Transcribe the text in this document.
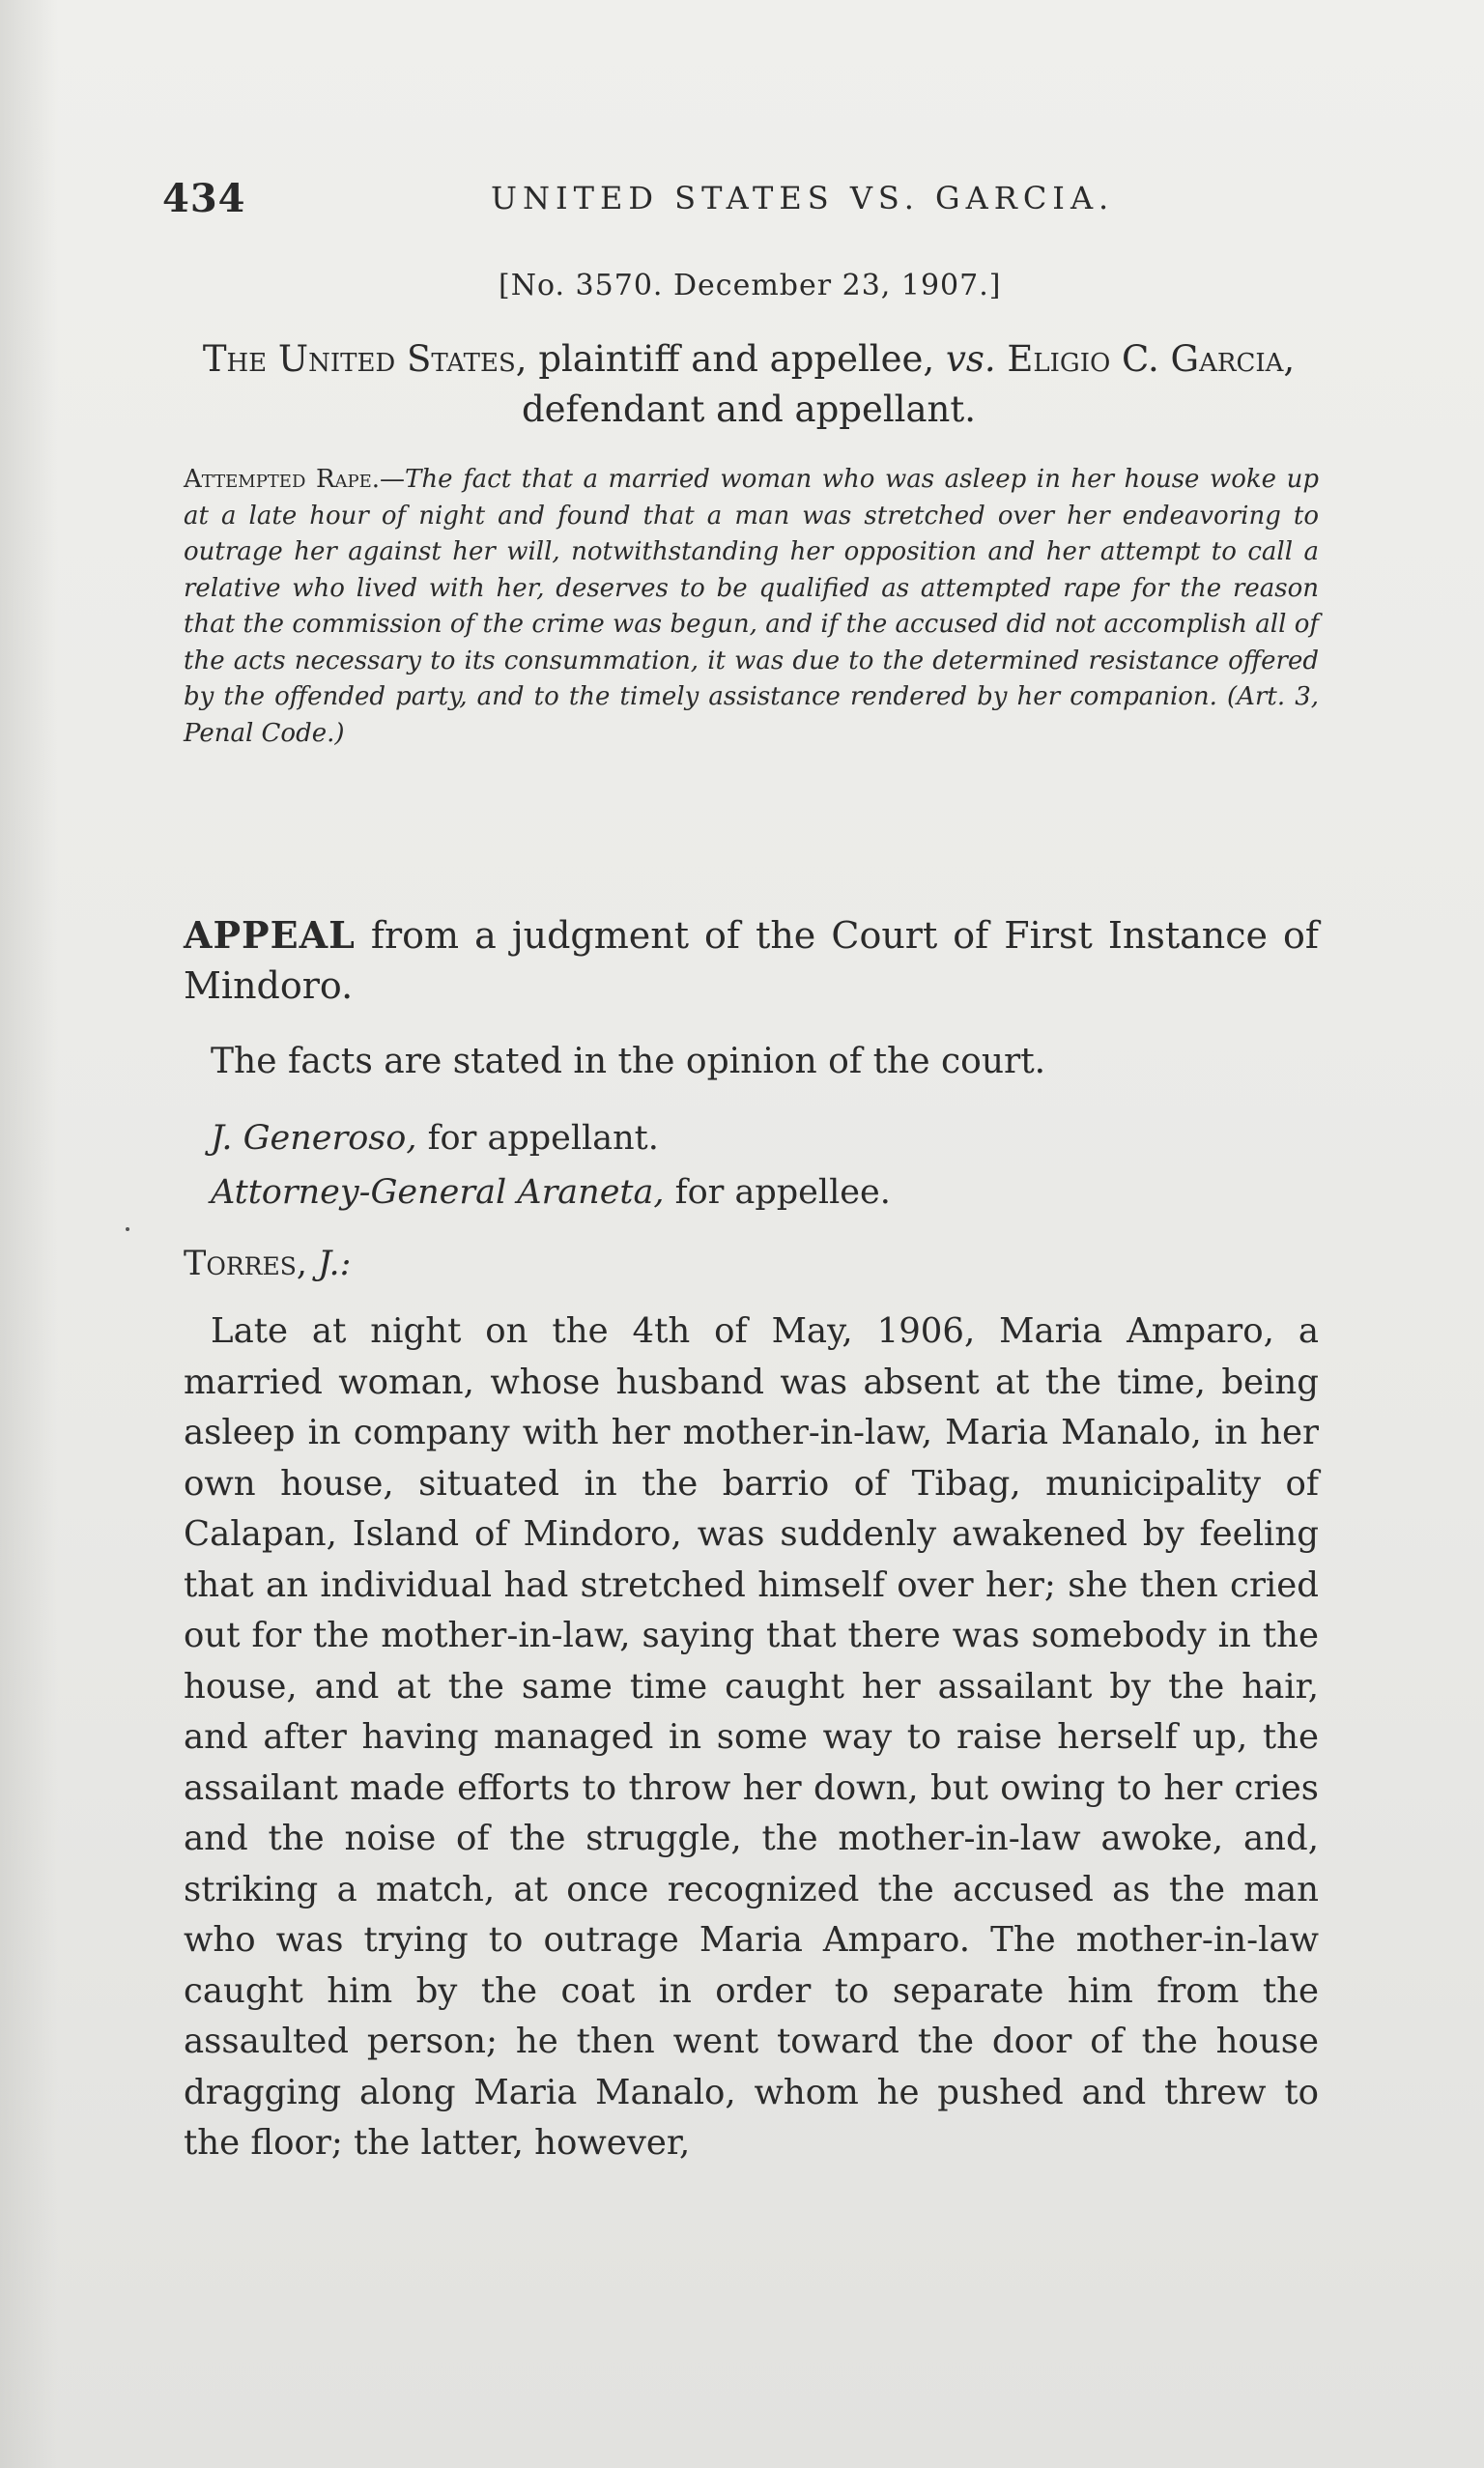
434	UNITED STATES VS. GARCIA.
[No. 3570. December 23, 1907.]
The United States, plaintiff and appellee, vs. Eligio C. Garcia, defendant and appellant.
Attempted Rape.—The fact that a married woman who was asleep in her house woke up at a late hour of night and found that a man was stretched over her endeavoring to outrage her against her will, notwithstanding her opposition and her attempt to call a relative who lived with her, deserves to be qualified as attempted rape for the reason that the commission of the crime was begun, and if the accused did not accomplish all of the acts necessary to its consummation, it was due to the determined resistance offered by the offended party, and to the timely assistance rendered by her companion. (Art. 3, Penal Code.)
APPEAL from a judgment of the Court of First Instance of Mindoro.
The facts are stated in the opinion of the court.
J. Generoso, for appellant.
Attorney-General Araneta, for appellee.
Torres, J.:
Late at night on the 4th of May, 1906, Maria Amparo, a married woman, whose husband was absent at the time, being asleep in company with her mother-in-law, Maria Manalo, in her own house, situated in the barrio of Tibag, municipality of Calapan, Island of Mindoro, was suddenly awakened by feeling that an individual had stretched himself over her; she then cried out for the mother-in-law, saying that there was somebody in the house, and at the same time caught her assailant by the hair, and after having managed in some way to raise herself up, the assailant made efforts to throw her down, but owing to her cries and the noise of the struggle, the mother-in-law awoke, and, striking a match, at once recognized the accused as the man who was trying to outrage Maria Amparo. The mother-in-law caught him by the coat in order to separate him from the assaulted person; he then went toward the door of the house dragging along Maria Manalo, whom he pushed and threw to the floor; the latter, however,
